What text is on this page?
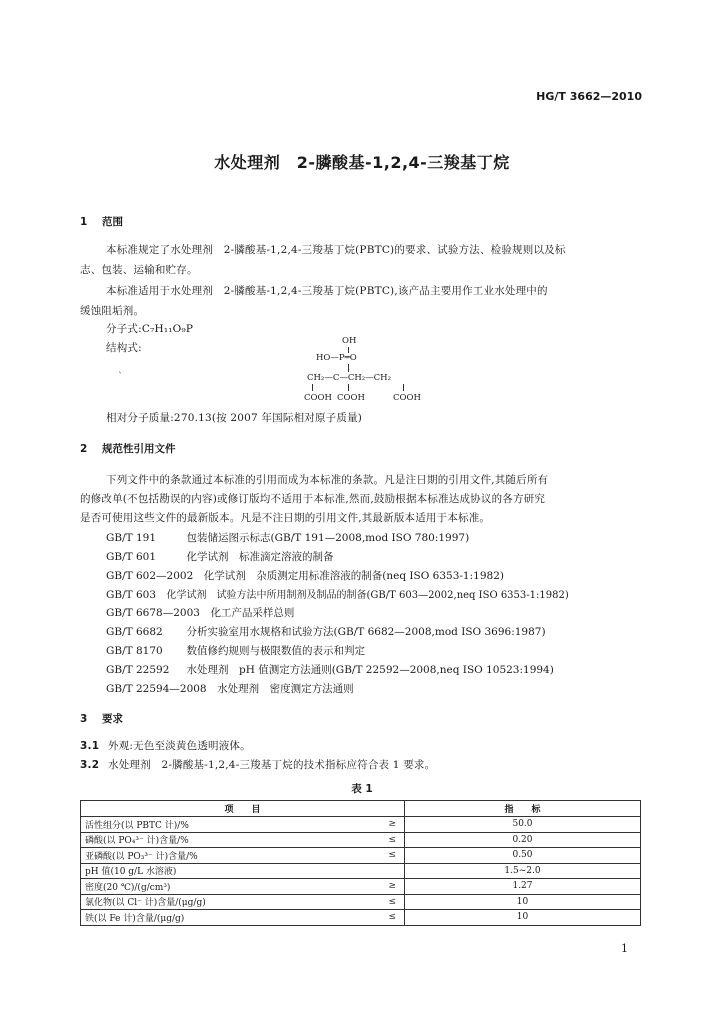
HG/T 3662—2010
水处理剂　2-膦酸基-1,2,4-三羧基丁烷
1 范围
本标准规定了水处理剂　2-膦酸基-1,2,4-三羧基丁烷(PBTC)的要求、试验方法、检验规则以及标
志、包装、运输和贮存。
本标准适用于水处理剂　2-膦酸基-1,2,4-三羧基丁烷(PBTC),该产品主要用作工业水处理中的
缓蚀阻垢剂。
分子式:C₇H₁₁O₉P
结构式:
ˋ
OH
HO—P═O
CH₂—C—CH₂—CH₂
COOH COOH	COOH
相对分子质量:270.13(按 2007 年国际相对原子质量)
2 规范性引用文件
下列文件中的条款通过本标准的引用而成为本标准的条款。凡是注日期的引用文件,其随后所有
的修改单(不包括勘误的内容)或修订版均不适用于本标准,然而,鼓励根据本标准达成协议的各方研究
是否可使用这些文件的最新版本。凡是不注日期的引用文件,其最新版本适用于本标准。
GB/T 191　	包装储运图示标志(GB/T 191—2008,mod ISO 780:1997)
GB/T 601　	化学试剂　标准滴定溶液的制备
GB/T 602—2002　 化学试剂　杂质测定用标准溶液的制备(neq ISO 6353-1:1982)
GB/T 603　 化学试剂　试验方法中所用制剂及制品的制备(GB/T 603—2002,neq ISO 6353-1:1982)
GB/T 6678—2003　 化工产品采样总则
GB/T 6682　 分析实验室用水规格和试验方法(GB/T 6682—2008,mod ISO 3696:1987)
GB/T 8170　 数值修约规则与极限数值的表示和判定
GB/T 22592　 水处理剂　pH 值测定方法通则(GB/T 22592—2008,neq ISO 10523:1994)
GB/T 22594—2008　 水处理剂　密度测定方法通则
3 要求
3.1 外观:无色至淡黄色透明液体。
3.2 水处理剂　2-膦酸基-1,2,4-三羧基丁烷的技术指标应符合表 1 要求。
表 1
项　　目		指　　标
活性组分(以 PBTC 计)/%	≥	50.0
磷酸(以 PO₄³⁻ 计)含量/%	≤	0.20
亚磷酸(以 PO₃³⁻ 计)含量/%	≤	0.50
pH 值(10 g/L 水溶液)		1.5~2.0
密度(20 ℃)/(g/cm³)	≥	1.27
氯化物(以 Cl⁻ 计)含量/(μg/g)	≤	10
铁(以 Fe 计)含量/(μg/g)	≤	10
1
